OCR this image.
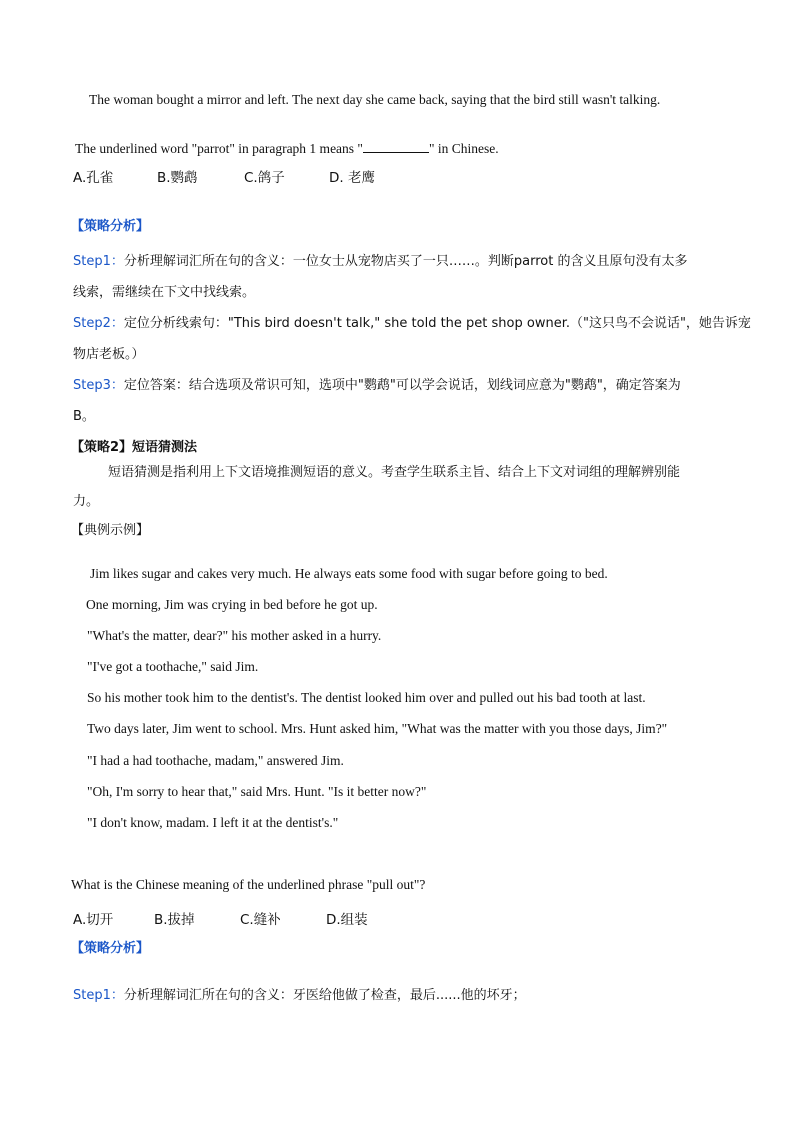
The woman bought a mirror and left. The next day she came back, saying that the bird still wasn't talking.
The underlined word "parrot" in paragraph 1 means "	" in Chinese.
A.孔雀	B.鹦鹉	C.鸽子	D. 老鹰
【策略分析】
Step1：分析理解词汇所在句的含义：一位女士从宠物店买了一只……。判断parrot 的含义且原句没有太多
线索，需继续在下文中找线索。
Step2：定位分析线索句："This bird doesn't talk," she told the pet shop owner.（"这只鸟不会说话"，她告诉宠
物店老板。）
Step3：定位答案：结合选项及常识可知，选项中"鹦鹉"可以学会说话，划线词应意为"鹦鹉"，确定答案为
B。
【策略2】短语猜测法
短语猜测是指利用上下文语境推测短语的意义。考查学生联系主旨、结合上下文对词组的理解辨别能
力。
【典例示例】
Jim likes sugar and cakes very much. He always eats some food with sugar before going to bed.
One morning, Jim was crying in bed before he got up.
"What's the matter, dear?" his mother asked in a hurry.
"I've got a toothache," said Jim.
So his mother took him to the dentist's. The dentist looked him over and pulled out his bad tooth at last.
Two days later, Jim went to school. Mrs. Hunt asked him, "What was the matter with you those days, Jim?"
"I had a had toothache, madam," answered Jim.
"Oh, I'm sorry to hear that," said Mrs. Hunt. "Is it better now?"
"I don't know, madam. I left it at the dentist's."
What is the Chinese meaning of the underlined phrase "pull out"?
A.切开	B.拔掉	C.缝补	D.组装
【策略分析】
Step1：分析理解词汇所在句的含义：牙医给他做了检查，最后......他的坏牙；
